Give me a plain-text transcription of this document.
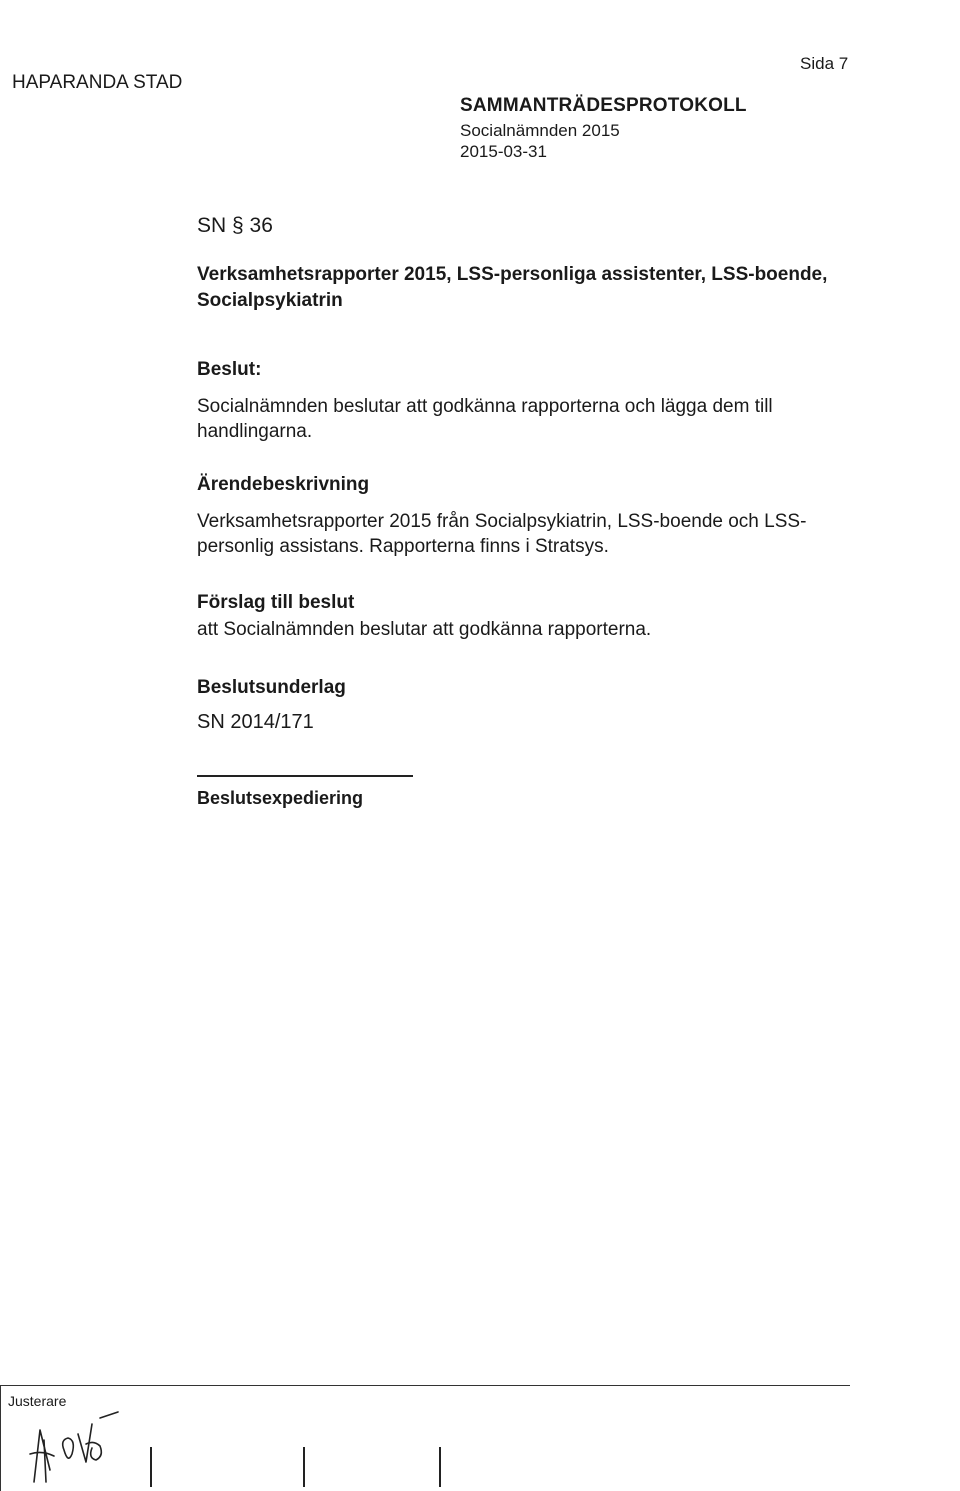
HAPARANDA STAD
Sida 7
SAMMANTRÄDESPROTOKOLL
Socialnämnden 2015
2015-03-31
SN § 36
Verksamhetsrapporter 2015, LSS-personliga assistenter, LSS-boende, Socialpsykiatrin
Beslut:
Socialnämnden beslutar att godkänna rapporterna och lägga dem till handlingarna.
Ärendebeskrivning
Verksamhetsrapporter 2015 från Socialpsykiatrin, LSS-boende och LSS-personlig assistans. Rapporterna finns i Stratsys.
Förslag till beslut
att Socialnämnden beslutar att godkänna rapporterna.
Beslutsunderlag
SN 2014/171
Beslutsexpediering
Justerare
